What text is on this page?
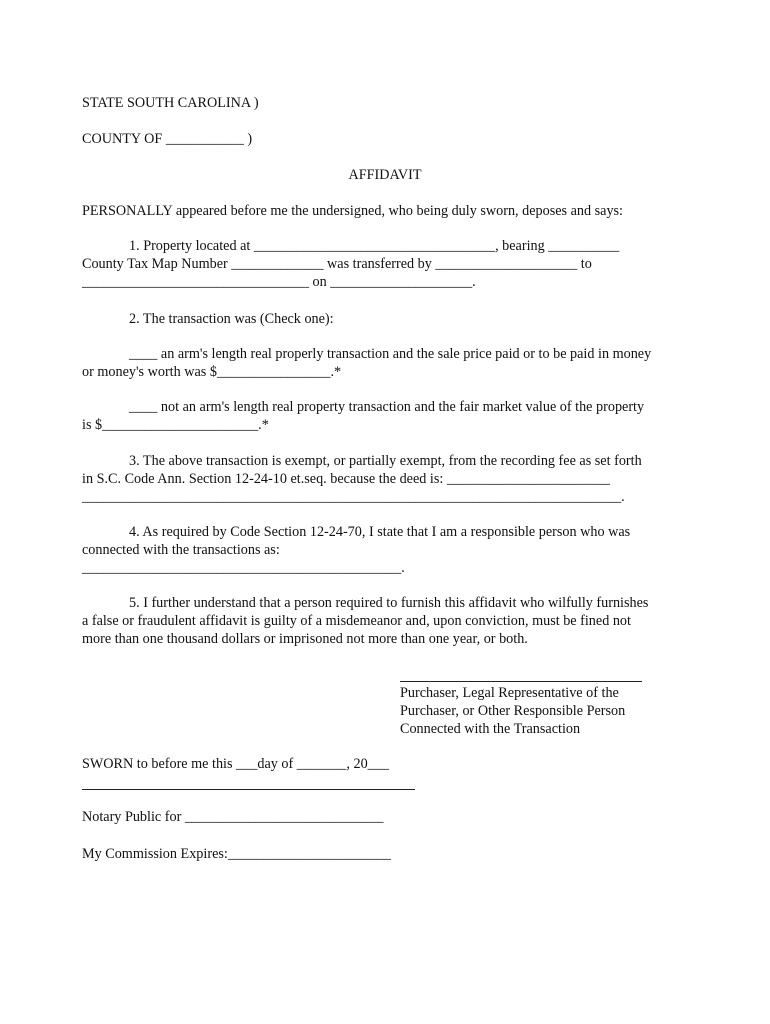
STATE SOUTH CAROLINA )
COUNTY OF ___________ )
AFFIDAVIT
PERSONALLY appeared before me the undersigned, who being duly sworn, deposes and says:
1. Property located at __________________________________, bearing __________
County Tax Map Number _____________ was transferred by ____________________ to
________________________________ on ____________________.
2. The transaction was (Check one):
____ an arm's length real properly transaction and the sale price paid or to be paid in money
or money's worth was $________________.*
____ not an arm's length real property transaction and the fair market value of the property
is $______________________.*
3. The above transaction is exempt, or partially exempt, from the recording fee as set forth
in S.C. Code Ann. Section 12-24-10 et.seq. because the deed is: _______________________
____________________________________________________________________________.
4. As required by Code Section 12-24-70, I state that I am a responsible person who was
connected with the transactions as:
_____________________________________________.
5. I further understand that a person required to furnish this affidavit who wilfully furnishes
a false or fraudulent affidavit is guilty of a misdemeanor and, upon conviction, must be fined not
more than one thousand dollars or imprisoned not more than one year, or both.
Purchaser, Legal Representative of the
Purchaser, or Other Responsible Person
Connected with the Transaction
SWORN to before me this ___day of _______, 20___
Notary Public for ____________________________
My Commission Expires:_______________________
